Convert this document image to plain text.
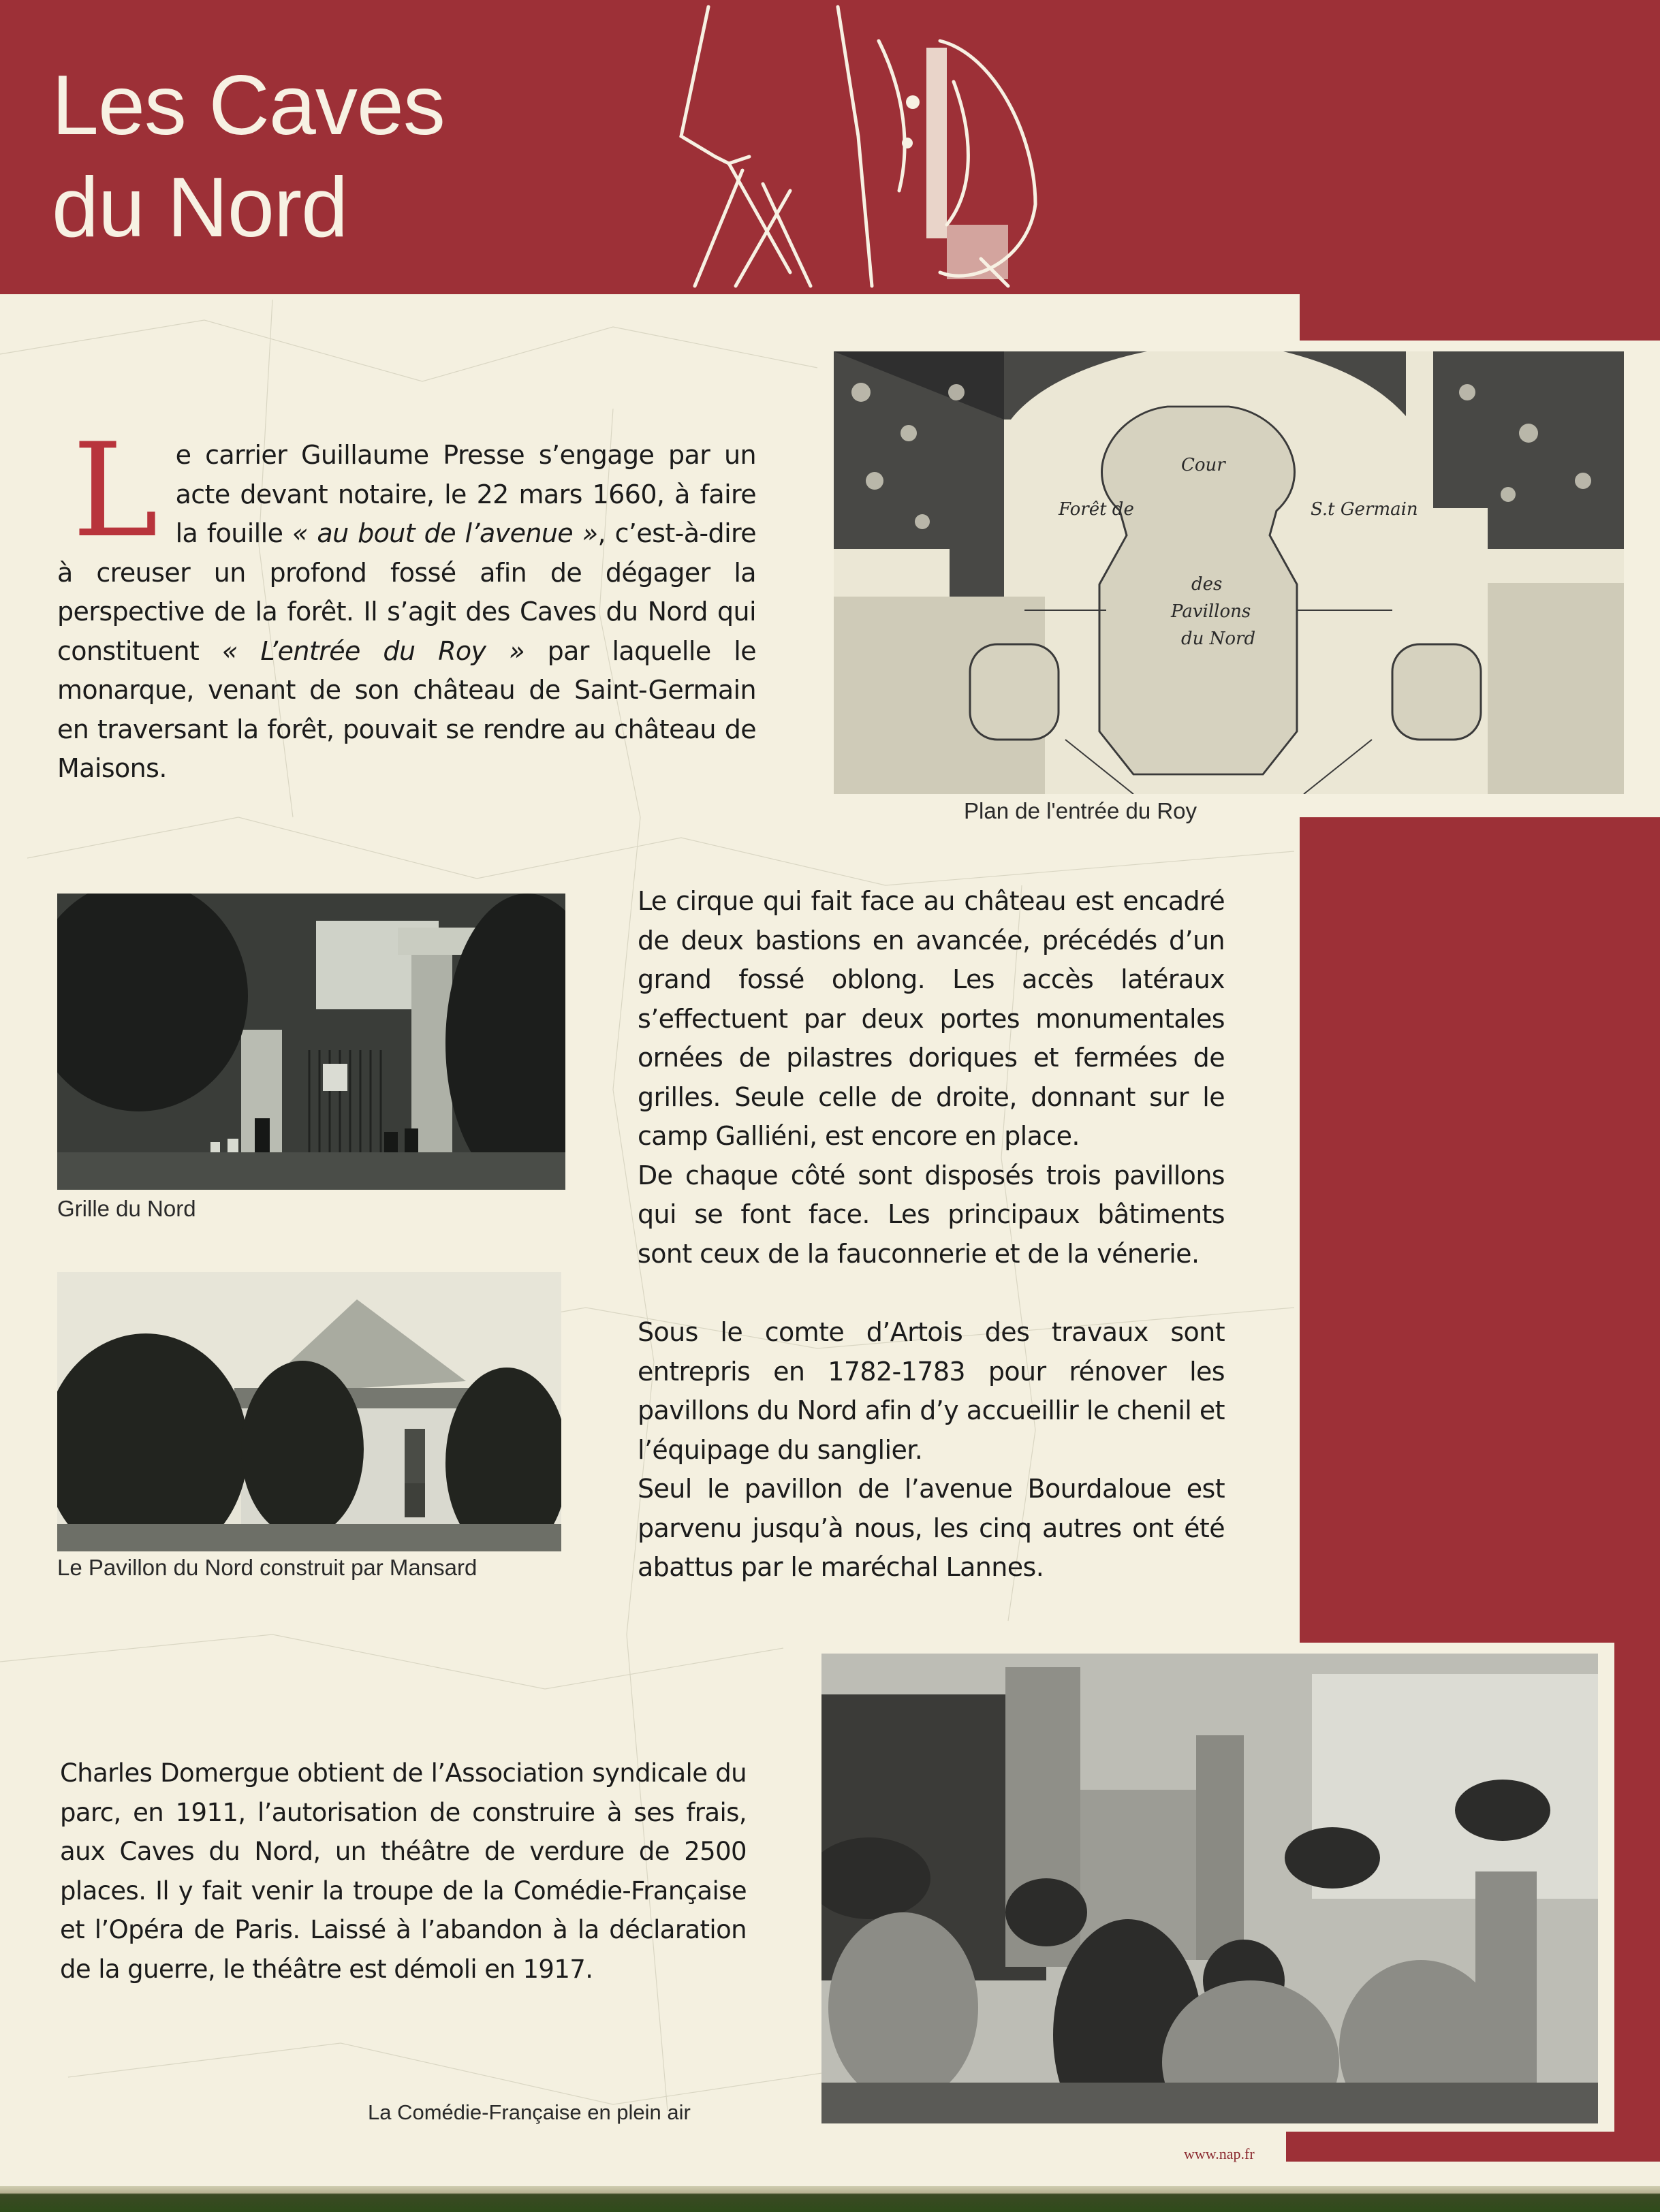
Les Caves
du Nord
L e carrier Guillaume Presse s’engage par un acte devant notaire, le 22 mars 1660, à faire la fouille « au bout de l’avenue », c’est-à-dire à creuser un profond fossé afin de dégager la perspective de la forêt. Il s’agit des Caves du Nord qui constituent « L’entrée du Roy » par laquelle le monarque, venant de son château de Saint-Germain en traversant la forêt, pouvait se rendre au château de Maisons.
Forêt de
Cour
S.t Germain
des
Pavillons
du Nord
Plan de l'entrée du Roy
Grille du Nord
Le Pavillon du Nord construit par Mansard

Le cirque qui fait face au château est encadré de deux bastions en avancée, précédés d’un grand fossé oblong. Les accès latéraux s’effectuent par deux portes monumentales ornées de pilastres doriques et fermées de grilles. Seule celle de droite, donnant sur le camp Galliéni, est encore en place.

De chaque côté sont disposés trois pavillons qui se font face. Les principaux bâtiments sont ceux de la fauconnerie et de la vénerie.

Sous le comte d’Artois des travaux sont entrepris en 1782-1783 pour rénover les pavillons du Nord afin d’y accueillir le chenil et l’équipage du sanglier.

Seul le pavillon de l’avenue Bourdaloue est parvenu jusqu’à nous, les cinq autres ont été abattus par le maréchal Lannes.

Charles Domergue obtient de l’Association syndicale du parc, en 1911, l’autorisation de construire à ses frais, aux Caves du Nord, un théâtre de verdure de 2500 places. Il y fait venir la troupe de la Comédie-Française et l’Opéra de Paris. Laissé à l’abandon à la déclaration de la guerre, le théâtre est démoli en 1917.

La Comédie-Française en plein air
www.nap.fr
